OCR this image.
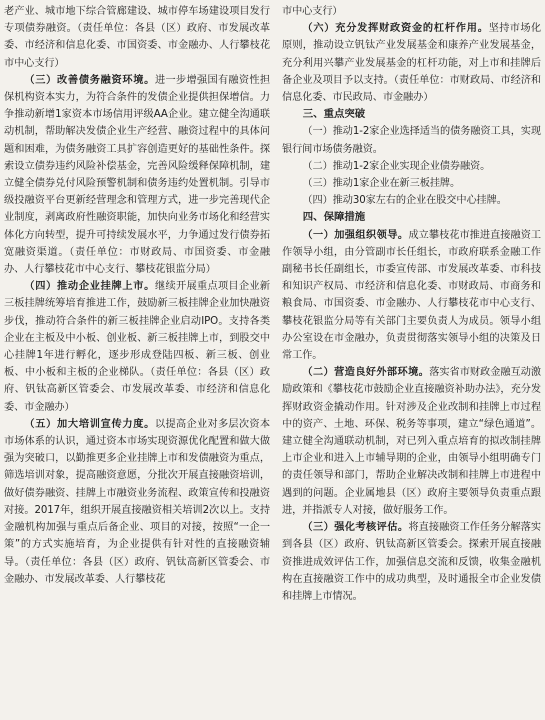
老产业、城市地下综合管廊建设、城市停车场建设项目发行专项债券融资。（责任单位：各县（区）政府、市发展改革委、市经济和信息化委、市国资委、市金融办、人行攀枝花市中心支行）

（三）改善债务融资环境。进一步增强国有融资性担保机构资本实力，为符合条件的发债企业提供担保增信。力争推动新增1家资本市场信用评级AA企业。建立健全沟通联动机制，帮助解决发债企业生产经营、融资过程中的具体问题和困难，为债务融资工具扩容创造更好的基础性条件。探索设立债券违约风险补偿基金，完善风险缓释保障机制，建立健全债券兑付风险预警机制和债务违约处置机制。引导市级投融资平台更新经营理念和管理方式，进一步完善现代企业制度，剥离政府性融资职能，加快向业务市场化和经营实体化方向转型，提升可持续发展水平，力争通过发行债券拓宽融资渠道。（责任单位：市财政局、市国资委、市金融办、人行攀枝花市中心支行、攀枝花银监分局）

（四）推动企业挂牌上市。继续开展重点项目企业新三板挂牌统筹培育推进工作，鼓励新三板挂牌企业加快融资步伐，推动符合条件的新三板挂牌企业启动IPO。支持各类企业在主板及中小板、创业板、新三板挂牌上市，到股交中心挂牌1年进行孵化，逐步形成登陆四板、新三板、创业板、中小板和主板的企业梯队。（责任单位：各县（区）政府、钒钛高新区管委会、市发展改革委、市经济和信息化委、市金融办）

（五）加大培训宣传力度。以提高企业对多层次资本市场体系的认识，通过资本市场实现资源优化配置和做大做强为突破口，以勤推更多企业挂牌上市和发债融资为重点，筛选培训对象，提高融资意愿，分批次开展直接融资培训，做好债券融资、挂牌上市融资业务流程、政策宣传和投融资对接。2017年，组织开展直接融资相关培训2次以上。支持金融机构加强与重点后备企业、项目的对接，按照“一企一策”的方式实施培育，为企业提供有针对性的直接融资辅导。（责任单位：各县（区）政府、钒钛高新区管委会、市金融办、市发展改革委、人行攀枝花

市中心支行）

（六）充分发挥财政资金的杠杆作用。坚持市场化原则，推动设立钒钛产业发展基金和康养产业发展基金，充分利用兴攀产业发展基金的杠杆功能，对上市和挂牌后备企业及项目予以支持。（责任单位：市财政局、市经济和信息化委、市民政局、市金融办）

三、重点突破

（一）推动1-2家企业选择适当的债务融资工具，实现银行间市场债务融资。

（二）推动1-2家企业实现企业债券融资。

（三）推动1家企业在新三板挂牌。

（四）推动30家左右的企业在股交中心挂牌。

四、保障措施

（一）加强组织领导。成立攀枝花市推进直接融资工作领导小组，由分管副市长任组长，市政府联系金融工作副秘书长任副组长，市委宣传部、市发展改革委、市科技和知识产权局、市经济和信息化委、市财政局、市商务和粮食局、市国资委、市金融办、人行攀枝花市中心支行、攀枝花银监分局等有关部门主要负责人为成员。领导小组办公室设在市金融办，负责贯彻落实领导小组的决策及日常工作。

（二）营造良好外部环境。落实省市财政金融互动激励政策和《攀枝花市鼓励企业直接融资补助办法》，充分发挥财政资金撬动作用。针对涉及企业改制和挂牌上市过程中的资产、土地、环保、税务等事项，建立“绿色通道”。建立健全沟通联动机制，对已列入重点培育的拟改制挂牌上市企业和进入上市辅导期的企业，由领导小组明确专门的责任领导和部门，帮助企业解决改制和挂牌上市进程中遇到的问题。企业属地县（区）政府主要领导负责重点跟进，并指派专人对接，做好服务工作。

（三）强化考核评估。将直接融资工作任务分解落实到各县（区）政府、钒钛高新区管委会。探索开展直接融资推进成效评估工作，加强信息交流和反馈，收集金融机构在直接融资工作中的成功典型，及时通报全市企业发债和挂牌上市情况。
